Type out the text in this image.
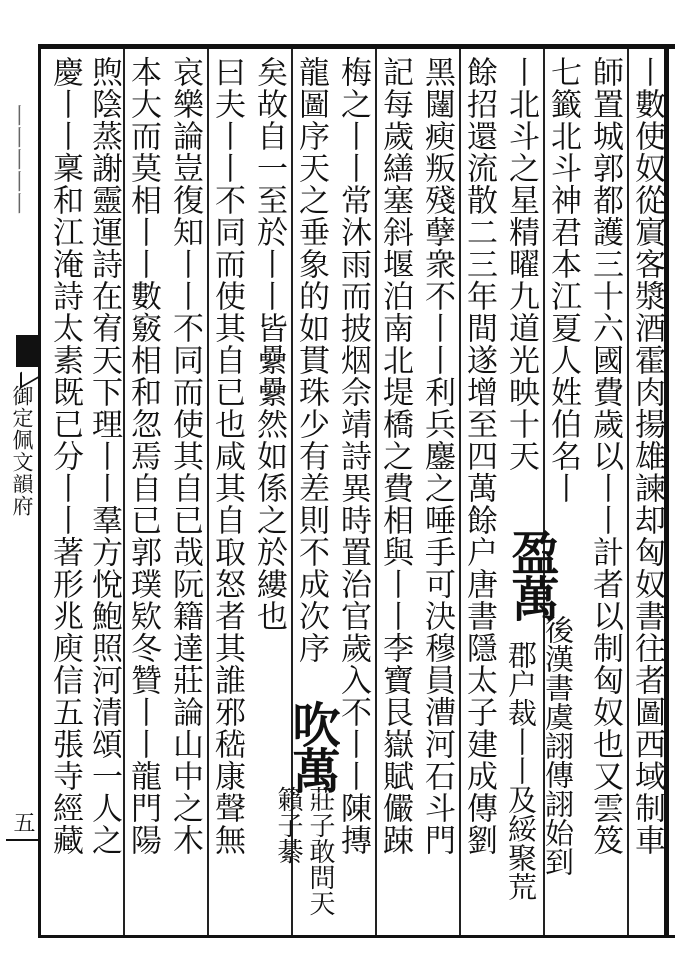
丨丨丨丨丨
御定佩文韻府
五	丨數使奴從賔客漿酒霍肉揚雄諫却匈奴書往者圖西域制車
師置城郭都護三十六國費歲以丨丨計者以制匈奴也又雲笈
七籤北斗神君本江夏人姓伯名丨
丨北斗之星精曜九道光映十天
餘招還流散二三年間遂增至四萬餘户唐書隱太子建成傳劉
黑闥瘐叛殘孽衆不丨丨利兵鏖之唾手可決穆員漕河石斗門
記每歲繕塞斜堰泊南北堤橋之費相與丨丨李寶艮嶽賦儼踈
梅之丨丨常沐雨而披烟佘靖詩異時置治官歲入不丨丨陳摶
龍圖序天之垂象的如貫珠少有差則不成次序
矣故自一至於丨丨皆纍纍然如係之於縷也
曰夫丨丨不同而使其自已也咸其自取怒者其誰邪嵇康聲無
哀樂論豈復知丨丨不同而使其自已哉阮籍達莊論山中之木
本大而莫相丨丨數竅相和忽焉自已郭璞欵冬贊丨丨龍門陽
煦陰蒸謝靈運詩在宥天下理丨丨羣方悅鮑照河清頌一人之
慶丨丨稟和江淹詩太素既已分丨丨著形兆庾信五張寺經藏	盈萬
後漢書虞詡傳詡始到
郡户裁丨丨及綏聚荒
吹萬
莊子敢問天籟子綦
